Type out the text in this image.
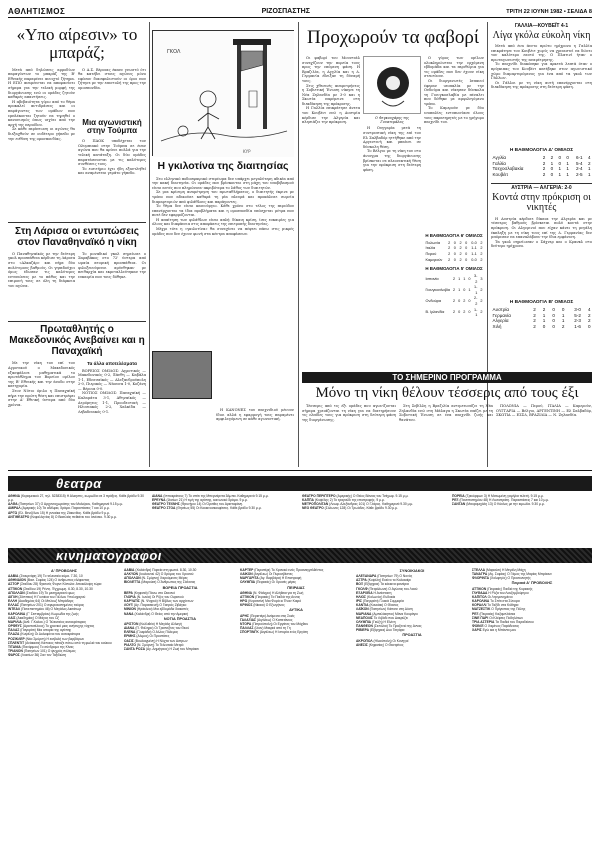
ΑΘΛΗΤΙΣΜΟΣ	ΡΙΖΟΣΠΑΣΤΗΣ	ΤΡΙΤΗ 22 ΙΟΥΝΗ 1982 • ΣΕΛΙΔΑ 8
«Υπο αίρεσιν» το μπαράζ;

Μετά από δηλώσεις αρμοδίων παραγόντων το μπαράζ της Β' Εθνικής παραμένει ανοιχτό ζήτημα. Η ΕΠΟ αναμένεται να αποφασίσει σήμερα για την τελική μορφή της διοργάνωσης ενώ οι ομάδες ζητούν καθαρές απαντήσεις.

Η αβεβαιότητα γύρω από το θέμα προκαλεί αντιδράσεις και οι παράγοντες των ομάδων που εμπλέκονται ζητούν να τηρηθεί ο κανονισμός όπως ισχύει από την αρχή της περιόδου.

Σε κάθε περίπτωση οι αγώνες θα διεξαχθούν σε ουδέτερο γήπεδο με την ευθύνη της ομοσπονδίας.

Ο Α.Σ. Βέροιας έκανε γνωστό ότι θα κατέβει στους αγώνες μόνο εφόσον διασφαλιστούν οι όροι που ζήτησε με την επιστολή της προς την ομοσπονδία.

Μια αγωνιστική στην Τούμπα

Ο ΠΑΟΚ υποδέχεται τον Ολυμπιακό στην Τούμπα σε έναν αγώνα που θα κρίνει πολλά για την τελική κατάταξη. Οι δύο ομάδες παρατάσσονται με τις καλύτερες συνθέσεις τους.

Το εισιτήριο έχει ήδη εξαντληθεί και αναμένεται γεμάτο γήπεδο.

Στη Λάρισα οι εντυπώσεις στον Παναθηναϊκό η νίκη

Ο Παναθηναϊκός με την δεύτερη γκολ προσπάθεια κέρδισε τη Λάρισα στο «Αλκαζάρ» και πήρε δύο πολύτιμους βαθμούς. Οι γηπεδούχοι όμως έδωσαν τις καλύτερες εντυπώσεις με το πάθος και την επιμονή τους σε όλη τη διάρκεια του αγώνα.

Το μοναδικό γκολ σημείωσε ο Σαραβάκος στο 72' ύστερα από ωραία ατομική προσπάθεια. Οι φιλοξενούμενοι αμύνθηκαν με πειθαρχία και εκμεταλλεύτηκαν την ευκαιρία που τους δόθηκε.

Πρωταθλητής ο Μακεδονικός Ανεβαίνει και η Παναχαϊκή

Με την νίκη του επί του Αγροτικού ο Μακεδονικός εξασφάλισε μαθηματικά το πρωτάθλημα του Βορείου ομίλου της Β' Εθνικής και την άνοδο στην κατηγορία.

Στον Νότιο όμιλο η Παναχαϊκή πήρε την πρώτη θέση και επιστρέφει στην Α' Εθνική ύστερα από δύο χρόνια.

Τα άλλα αποτελέσματα

ΒΟΡΕΙΟΣ ΟΜΙΛΟΣ: Αγροτικός — Μακεδονικός 0-2, Ξάνθη — Καβάλα 1-1, Εδεσσαϊκός — Αλεξανδρούπολη 2-0, Πιερικός — Νάουσα 1-0, Κοζάνη — Βέροια 0-0.

ΝΟΤΙΟΣ ΟΜΙΛΟΣ: Παναχαϊκή — Καλαμάτα 3-1, Αθηναϊκός — Ατρόμητος 1-1, Προοδευτική — Ηλυσιακός 2-2, Χαλκίδα — Λεβαδειακός 0-1.

ΓΚΟΛ
ΚΥΡ
Η γκιλοτίνα της διαιτησίας

Στο ελληνικό ποδοσφαιρικό στερέωμα δεν υπάρχει μεγαλύτερη αδικία από την κακή διαιτησία. Οι ομάδες που βρίσκονται στη μάχη του υποβιβασμού είναι αυτές που πληρώνουν ακριβότερα το λάθος των διαιτητών.

Σε μια κρίσιμη αναμέτρηση του πρωταθλήματος, ο διαιτητής έκρινε με τρόπο που αδικούσε καθαρά τη μία πλευρά και προκάλεσε σωρεία διαμαρτυριών από φιλάθλους και παράγοντες.

Το θέμα δεν είναι καινούργιο. Κάθε χρόνο στο τέλος της περιόδου επανέρχονται τα ίδια προβλήματα και η ομοσπονδία υπόσχεται μέτρα που ποτέ δεν εφαρμόζονται.

Η απαίτηση των φιλάθλων είναι απλή: δίκαιη κρίση, ίσες ευκαιρίες για όλους και διαφάνεια στις αποφάσεις της επιτροπής διαιτησίας.

Μέχρι τότε η «γκιλοτίνα» θα συνεχίσει να πέφτει πάνω στις μικρές ομάδες που δεν έχουν φωνή στα κέντρα αποφάσεων.

Η ΚΑΝΟΝΕΣ του παιχνιδιού μένουν ίδιοι αλλά η εφαρμογή τους παραμένει αμφιλεγόμενη σε κάθε αγωνιστική.

Προχωρούν τα φαβορί

Οι φαβορί του Μουντιάλ συνεχίζουν την πορεία τους προς την επόμενη φάση. Η Βραζιλία, η Αγγλία και η Δ. Γερμανία έδειξαν τη δύναμή τους.

Στις χθεσινές αναμετρήσεις η Σοβιετική Ένωση νίκησε τη Νέα Ζηλανδία με 3-0 και η Σκωτία παρέμεινε στη διεκδίκηση της πρόκρισης.

Η Γαλλία επικράτησε άνετα του Κουβέιτ ενώ η Αυστρία κέρδισε την Αλγερία και πλησιάζει την πρόκριση.

Ο Φεγκουχάρης της Γουατεμάλας

Η Ουγγαρία μετά τη συντριπτική νίκη της επί του Ελ Σαλβαδόρ ηττήθηκε από την Αργεντινή και μπαίνει σε δύσκολη θέση.

Το Βέλγιο με τη νίκη του στο άνοιγμα της διοργάνωσης βρίσκεται σε πλεονεκτική θέση για την πρόκριση στη δεύτερη φάση.

Ο γύρος των ομίλων ολοκληρώνεται την ερχόμενη εβδομάδα και τα περιθώρια για τις ομάδες που δεν έχουν νίκη στενεύουν.

Οι διοργανωτές Ισπανοί έφεραν ισοπαλία με την Ονδούρα και νίκησαν δύσκολα τη Γιουγκοσλαβία με πέναλτι που δόθηκε με αμφιλεγόμενο τρόπο.

Το Καμερούν με δύο ισοπαλίες εντυπωσίασε όλους τους παρατηρητές με το γρήγορο παιχνίδι του.

ΓΑΛΛΙΑ—ΚΟΥΒΕΪΤ 4-1
Λίγα γκόλα εύκολη νίκη

Μετά από ένα άνετο πρώτο ημίχρονο η Γαλλία επικράτησε του Κουβέιτ χωρίς να χρειαστεί να δώσει τον καλύτερο εαυτό της. Ο Πλατινί ήταν ο πρωταγωνιστής της αναμέτρησης.

Το παιχνίδι διακόπηκε για αρκετά λεπτά όταν ο πρίγκιπας του Κουβέιτ κατέβηκε στον αγωνιστικό χώρο διαμαρτυρόμενος για ένα από τα γκολ των Γάλλων.

Οι Γάλλοι με τη νίκη αυτή επανέρχονται στη διεκδίκηση της πρόκρισης στη δεύτερη φάση.

Η ΒΑΘΜΟΛΟΓΙΑ Δ' ΟΜΙΛΟΣ
Αγγλία	2	2	0	0	6-1	4
Γαλλία	2	1	0	1	5-4	2
Τσεχοσλοβακία	2	0	1	1	2-4	1
Κουβέιτ	2	0	1	1	2-5	1
ΑΥΣΤΡΙΑ — ΑΛΓΕΡΙΑ: 2-0
Κοντά στην πρόκριση οι νικητές

Η Αυστρία κέρδισε δίκαια την Αλγερία και με τέσσερις βαθμούς βρίσκεται πολύ κοντά στην πρόκριση. Οι Αλγερινοί που είχαν κάνει τη μεγάλη έκπληξη με τη νίκη τους επί της Δ. Γερμανίας δεν μπόρεσαν να επαναλάβουν την ίδια εμφάνιση.

Τα γκολ σημείωσαν ο Σάχνερ και ο Κρανκλ στο δεύτερο ημίχρονο.

Η ΒΑΘΜΟΛΟΓΙΑ Β' ΟΜΙΛΟΣ
Αυστρία	2	2	0	0	3-0	4
Γερμανία	2	1	0	1	5-2	2
Αλγερία	2	1	0	1	2-3	2
Χιλή	2	0	0	2	1-6	0
Η ΒΑΘΜΟΛΟΓΙΑ 6' ΟΜΙΛΟΣ
Πολωνία	2	0	2	0	0-0	2
Ιταλία	2	0	2	0	1-1	2
Περού	2	0	2	0	1-1	2
Καμερούν	2	0	2	0	0-0	2
Η ΒΑΘΜΟΛΟΓΙΑ 5' ΟΜΙΛΟΣ
Ισπανία	2	1	1	0	3-2	3
Γιουγκοσλαβία	2	1	0	1	1-1	2
Ονδούρα	2	0	2	0	2-2	2
Β. Ιρλανδία	2	0	2	0	1-1	2
ΤΟ ΣΗΜΕΡΙΝΟ ΠΡΟΓΡΑΜΜΑ
Μόνο τη νίκη θέλουν τέσσερις από τους έξι

Τέσσερις από τις έξι ομάδες που αγωνίζονται σήμερα χρειάζονται τη νίκη για να διατηρήσουν τις ελπίδες τους για πρόκριση στη δεύτερη φάση της διοργάνωσης.

Στη Σεβίλλη η Βραζιλία αντιμετωπίζει τη Νέα Ζηλανδία ενώ στη Μάλαγα η Σκωτία παίζει με τη Σοβιετική Ένωση σε ένα παιχνίδι ζωής και θανάτου.

ΠΟΛΩΝΙΑ — Περού, ΙΤΑΛΙΑ — Καμερούν, ΟΥΓΓΑΡΙΑ — Βέλγιο, ΑΡΓΕΝΤΙΝΗ — Ελ Σαλβαδόρ, ΣΚΩΤΙΑ — ΕΣΣΔ, ΒΡΑΖΙΛΙΑ — Ν. Ζηλανδία.

θεατρα
ΑΘΗΝΑ (Κεραμεικού 27, τηλ. 5238315) Η Αλκηστις, κωμωδία σε 3 πράξεις. Κάθε βράδυ 9.30 μ.μ.
ΑΛΦΑ (Πατησίων 37) Ο Αρχοντοχωριάτης του Μολιέρου, Καθημερινά 9.15 μ.μ.
ΑΜΙΡΑΛ (Αμερικής 10) Τα αδέλφια, δράμα. Παραστάσεις 7 και 10 μ.μ.
ΑΡΓΩ (Ελ. Βενιζέλου 15) Η γυναίκα της Ζάκυνθος. Κάθε βράδυ 9 μ.μ.
ΑΝΤΙΘΕΑΤΡΟ (Κεφαλληνίας 8) Ο Βασιλιάς πεθαίνει του Ιονέσκο. 9.30 μ.μ.
ΔΙΑΝΑ (Ιπποκράτους 7) Το σπίτι της Μπερνάρντα Άλμπα. Καθημερινά 9.15 μ.μ.
ΕΡΕΥΝΑ (Ιλισίων 21) Η τιμή της αγάπης, κοινωνικό δράμα. 9 μ.μ.
ΘΕΑΤΡΟ ΤΕΧΝΗΣ (Φρυνίχου 14) Οι Όρνιθες του Αριστοφάνη.
ΘΕΑΤΡΟ ΣΤΟΑ (Θησέως 55) Οι Κοκκινοσκουφίτσες. Κάθε βράδυ 9.30 μ.μ.
ΘΕΑΤΡΟ ΠΕΡΙΠΤΕΡΟ (Αμερικής) Ο Θείος Βάνιας του Τσέχωφ. 9.15 μ.μ.
ΚΑΠΠΑ (Κυψέλης 2) Το τραγούδι της επιστροφής. 9 μ.μ.
ΜΕΤΡΟΠΟΛΙΤΑΝ (Λεωφ. Αλεξάνδρας 101) Ο Γλάρος. Καθημερινά 9.30 μ.μ.
ΝΕΟ ΘΕΑΤΡΟ (Σόλωνος 128) Οι Τρωάδες. Κάθε βράδυ 9.30 μ.μ.
ΠΟΡΕΙΑ (Τρικόρφων 3) Η Ματωμένη γαμήλια τελετή. 9.15 μ.μ.
ΡΕΞ (Πανεπιστημίου 48) Η Λυσιστράτη. Παραστάσεις 7 και 10 μ.μ.
ΣΑΝΤΑΝ (Μαυρομιχάλη 13) Ο Κύκλος με την κιμωλία. 9.30 μ.μ.
κινηματογραφοι
Α' ΠΡΟΒΟΛΗΣ
ΑΑΒΙΑ (Στουρνάρη 19) Το τελευταίο κύμα. 7.30, 10
ΑΘΗΝΑΙΟΝ (Βασ. Σοφίας 124) Ο άνθρωπος ελέφαντας
ΑΣΤΟΡ (Σταδίου 28) Φρανσίς Φορντ Κόπολα: Αποκάλυψη τώρα
ΑΤΤΙΚΟΝ (Σταδίου 19) Ρέντς. Έγχρωμη. 6.30, 8.30, 10.30
ΑΠΟΛΛΩΝ (Σταδίου 19) Το μεσημεριανό φως
ΑΙΓΛΗ (Ζάππειο) Η Γυναίκα του Γάλλου Υπολοχαγού
ΕΛΛΗ (Ακαδημίας 64) Οι Μπλουζ Μπράδερς
ΕΛΛΑΣ (Πατησίων 201) Ο σφυροκοπημένος ταύρος
ΙΝΤΕΑΛ (Πανεπιστημίου 46) Ο Μεγάλος Δικτάτωρ
ΚΑΡΟΛΙΝΑ (Γ' Σεπτεμβρίου) Κωμωδία της ζωής
ΛΑΙΣ (Ακαδημίας) Ο Μάγος του Οζ
ΜΑΡΙΛΙΑ (Ανθ. Γ.Καλοκ.) Ο Τελευταίος αυτοκράτορας
ΟΡΦΕΥΣ (Αριστοτέλους) Το χρονικό μιας ανήσυχης νύχτας
ΠΑΛΑΣ (Παγκράτι) Μια ιστορία της αγάπης
ΠΛΑΖΑ (Κυψέλη) Οι Δολοφόνοι του αυτοκράτορα
ΡΟΖΙΚΛΕΡ (Νέα Σμύρνη) Η εισβολή των βαρβάρων
ΣΠΛΕΝΤΙΤ (Ανάκασα) Κάποιος πέταξε πάνω από τη φωλιά του κούκου
ΤΙΤΑΝΙΑ (Πανόρμου) Το σύνδρομο της Κίνας
ΤΡΙΑΝΟΝ (Πατησίων 101) Ο ψυχρός πόλεμος
ΦΑΡΟΣ (Λιοσίων 36) Σαν τον Ταξιδιώτη
ΑΑΒΙΑ (Χαλάνδρι) Πορεία στη φωτιά. 8.30, 10.30
ΑΛΚΥΩΝ (Ιουλιανού 42) Ο δρόμος του Χρυσού
ΑΠΟΛΛΩΝ (Ν. Σμύρνη) Χαρούμενες Μέρες
ΒΙΟΛΕΤΤΑ (Μαρούσι) Ο Άνθρωπος της Σάλτσας
ΒΟΡΕΙΑ ΠΡΟΑΣΤΙΑ
ΒΕΡΑ (Κηφισιά) Πάνω στο Ωκεανό
ΓΛΟΡΙΑ (Ν. Ιωνία) Οι Ρίζες του Ουρανού
ΚΑΡΥΑΤΙΣ (Ν. Ψυχικό) Η Βίβλος των αρχόντων
ΛΟΥΞ (Αγ. Παρασκευή) Ο Γιατρός Ζιβάγκο
ΜΙΝΙΟΝ (Ηράκλειο) Μια εβδομάδα διακοπές
ΝΑΝΑ (Χαλάνδρι) Ο Θείος από την Αμερική
ΝΟΤΙΑ ΠΡΟΑΣΤΙΑ
ΑΡΙΣΤΟΝ (Καλλιθέα) Η Μεγάλη Αλλαγή
ΔΙΑΝΑ (Π. Φάληρο) Οι Τραπεζίτες του Θεού
ΕΛΕΝΑ (Γλυφάδα) Ο Αλλος Πόλεμος
ΕΡΜΗΣ (Αλιμος) Οι Προστάτες
ΟΑΣΙΣ (Βουλιαγμένη) Η Νύχτα των Αστρων
ΡΙΑΛΤΟ (Ν. Σμύρνη) Το Τελευταίο Μετρό
ΣΑΝΤΑ ΡΟΖΑ (Αγ. Δημήτριος) Η Ζωή του Μπράιαν
ΚΑΡΤΕΡ (Περιστέρι) Το Χρονικό ενός Προαναγγελθέντος
ΛΑΙΚΟΝ (Αιγάλεω) Οι Πυροσβέστες
ΜΑΡΓΑΡΙΤΑ (Αγ. Βαρβάρα) Η Επιστροφή
ΟΛΥΜΠΙΑ (Πειραιάς) Οι Χρυσές μέρες
ΠΕΙΡΑΙΑΣ
ΑΘΗΝΑ (Ν. Φάληρο) Η Αλήθεια για τη Ζωή
ΑΤΤΙΚΟΝ (Πειραιάς) Τα Παιδιά της Αννας
ΗΡΩ (Κερατσίνι) Μια Φορά κι Έναν Καιρό
ΚΡΙΝΟΣ (Νίκαια) Ο Εξωγήινος
ΔΥΤΙΚΑ
ΑΡΗΣ (Περιστέρι) Ανάμεσα στις Σκιές
ΓΑΛΑΞΙΑΣ (Αιγάλεω) Ο Καπετάνιος
ΝΤΟΡΑ (Πετρούπολη) Οι Εργάτες του Μόχθου
ΠΑΛΛΑΣ (Ιλιον) Μακριά από τη Γη
ΣΠΟΡΤΙΝΓΚ (Αιγάλεω) Η Ιστορία ενός Εργάτη
ΣΥΝΟΙΚΙΑΚΟΙ
ΑΛΕΞΑΝΔΡΑ (Πατησίων 79) Ο Νονός
ΑΣΤΡΑ (Κυψέλη) Εκείνο το Καλοκαίρι
ΒΟΞ (Εξάρχεια) Τα κόκκινα φανάρια
ΓΚΟΛΦ (Πετράλωνα) Ο Αγώνας του Λαού
ΕΞΑΡΧΕΙΑ Η Ανάσταση
ΗΛΙΟΣ (Κολωνός) Ευδοκία
ΙΡΙΣ (Παγκράτι) Γλυκιά Συμμορία
ΚΑΝΤΙΑ (Κουκάκι) Ο Θίασος
ΛΑΪΚΟΝ (Πατησίων) Κάποτε στη Δύση
ΜΑΡΙΑΝΑ (Αμπελόκηποι) Μάνα Κουράγιο
ΝΕΑΠΟΛΙΣ Το Λιβάδι που Δακρύζει
ΟΛΥΜΠΙΑ (Γκύζη) Η Ελένη
ΠΑΝΘΕΟΝ (Σεπόλια) Το Προξενιό της Αννας
ΡΙΒΙΕΡΑ (Εξάρχεια) Δυο Τσιγάρα
ΠΡΟΑΣΤΙΑ
ΑΚΡΟΠΟΛ (Ηλιούπολη) Οι Κυνηγοί
ΑΝΕΣΙΣ (Κηφισίας) Ο Θεατρίνος
ΣΤΕΛΛΑ (Μαρούσι) Η Μεγάλη Μάχη
ΤΑΝΑΓΡΑ (Αγ. Σοφίας) Ο Γάμος της Μαρίας Μπράουν
ΦΛΟΡΙΝΤΑ (Χολαργός) Ο Προσκυνητής
Πειραιά Α' ΠΡΟΒΟΛΗΣ
ΑΤΤΙΚΟΝ (Πειραιάς) Παιδιά της Κυριακής
ΓΛΥΦΑΔΑ Η Ρόζα του Λουξεμβούργου
ΚΑΠΙΤΟΛ Οι Λησμονημένοι
ΚΑΡΟΛΙΝΑ Το Σπίτι στα Σύνορα
ΚΟΡΑΛΛΙ Το Ταξίδι στα Κύθηρα
ΜΑΤΖΕΣΤΙΚ Ο Πρίγκιπας της Πόλης
ΡΕΞ (Πειραιάς) Καζαμπλάνκα
ΣΙΝΕ ΠΑΡΙ Οι Κλέφτες Ποδηλάτων
ΤΡΙΑ ΑΣΤΕΡΙΑ Τα Παιδιά του Παραδείσου
ΦΟΙΝΙΞ Ο Χαμένος Παράδεισος
ΧΑΡΙΣ Εγώ και η Μπάντα μου
